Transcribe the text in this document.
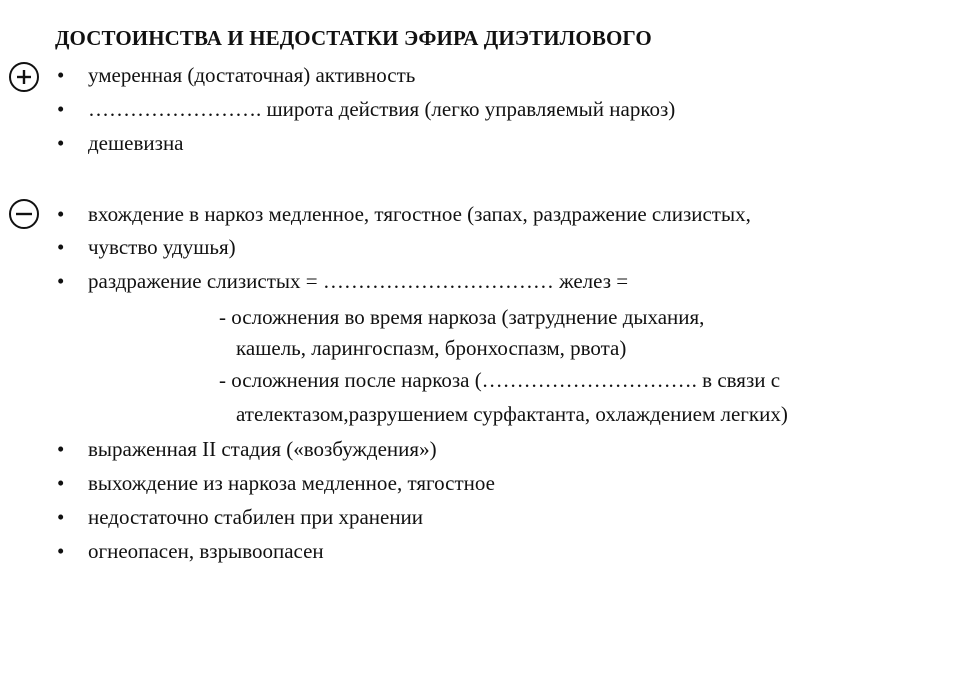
ДОСТОИНСТВА И НЕДОСТАТКИ ЭФИРА ДИЭТИЛОВОГО
• умеренная (достаточная) активность
• ……………………. широта действия (легко управляемый наркоз)
• дешевизна
• вхождение в наркоз медленное, тягостное (запах, раздражение слизистых,
• чувство удушья)
• раздражение слизистых = …………………………… желез =
- осложнения во время наркоза (затруднение дыхания,
кашель, ларингоспазм, бронхоспазм, рвота)
- осложнения после наркоза (…………………………. в связи с
ателектазом,разрушением сурфактанта, охлаждением легких)
• выраженная II стадия («возбуждения»)
• выхождение из наркоза медленное, тягостное
• недостаточно стабилен при хранении
• огнеопасен, взрывоопасен
